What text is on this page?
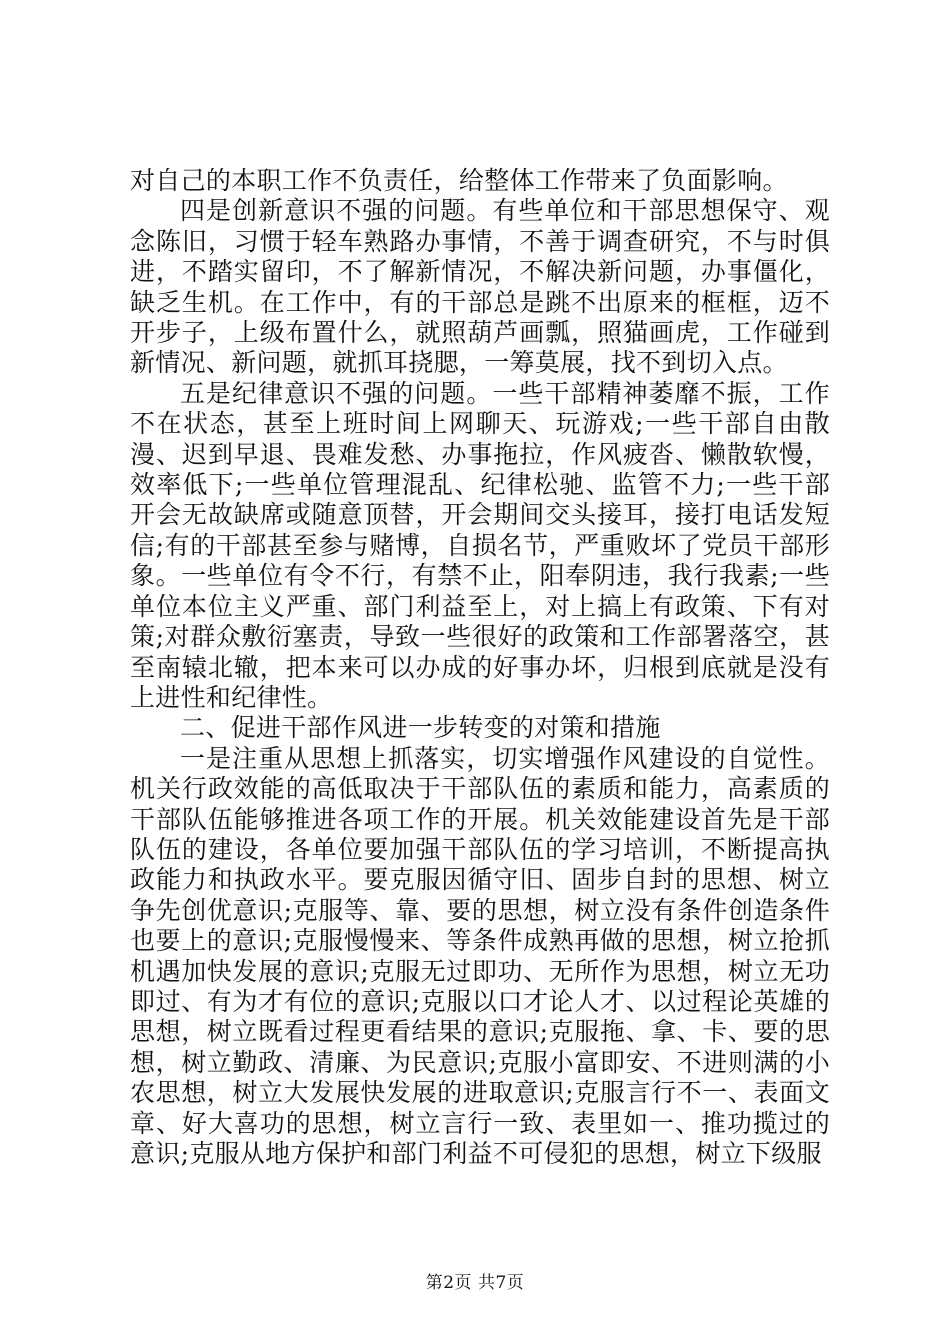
对自己的本职工作不负责任，给整体工作带来了负面影响。

四是创新意识不强的问题。有些单位和干部思想保守、观念陈旧，习惯于轻车熟路办事情，不善于调查研究，不与时俱进，不踏实留印，不了解新情况，不解决新问题，办事僵化，缺乏生机。在工作中，有的干部总是跳不出原来的框框，迈不开步子，上级布置什么，就照葫芦画瓢，照猫画虎，工作碰到新情况、新问题，就抓耳挠腮，一筹莫展，找不到切入点。

五是纪律意识不强的问题。一些干部精神萎靡不振，工作不在状态，甚至上班时间上网聊天、玩游戏;一些干部自由散漫、迟到早退、畏难发愁、办事拖拉，作风疲沓、懒散软慢，效率低下;一些单位管理混乱、纪律松驰、监管不力;一些干部开会无故缺席或随意顶替，开会期间交头接耳，接打电话发短信;有的干部甚至参与赌博，自损名节，严重败坏了党员干部形象。一些单位有令不行，有禁不止，阳奉阴违，我行我素;一些单位本位主义严重、部门利益至上，对上搞上有政策、下有对策;对群众敷衍塞责，导致一些很好的政策和工作部署落空，甚至南辕北辙，把本来可以办成的好事办坏，归根到底就是没有上进性和纪律性。

二、促进干部作风进一步转变的对策和措施

一是注重从思想上抓落实，切实增强作风建设的自觉性。机关行政效能的高低取决于干部队伍的素质和能力，高素质的干部队伍能够推进各项工作的开展。机关效能建设首先是干部队伍的建设，各单位要加强干部队伍的学习培训，不断提高执政能力和执政水平。要克服因循守旧、固步自封的思想、树立争先创优意识;克服等、靠、要的思想，树立没有条件创造条件也要上的意识;克服慢慢来、等条件成熟再做的思想，树立抢抓机遇加快发展的意识;克服无过即功、无所作为思想，树立无功即过、有为才有位的意识;克服以口才论人才、以过程论英雄的思想，树立既看过程更看结果的意识;克服拖、拿、卡、要的思想，树立勤政、清廉、为民意识;克服小富即安、不进则满的小农思想，树立大发展快发展的进取意识;克服言行不一、表面文章、好大喜功的思想，树立言行一致、表里如一、推功揽过的意识;克服从地方保护和部门利益不可侵犯的思想，树立下级服

第2页 共7页
